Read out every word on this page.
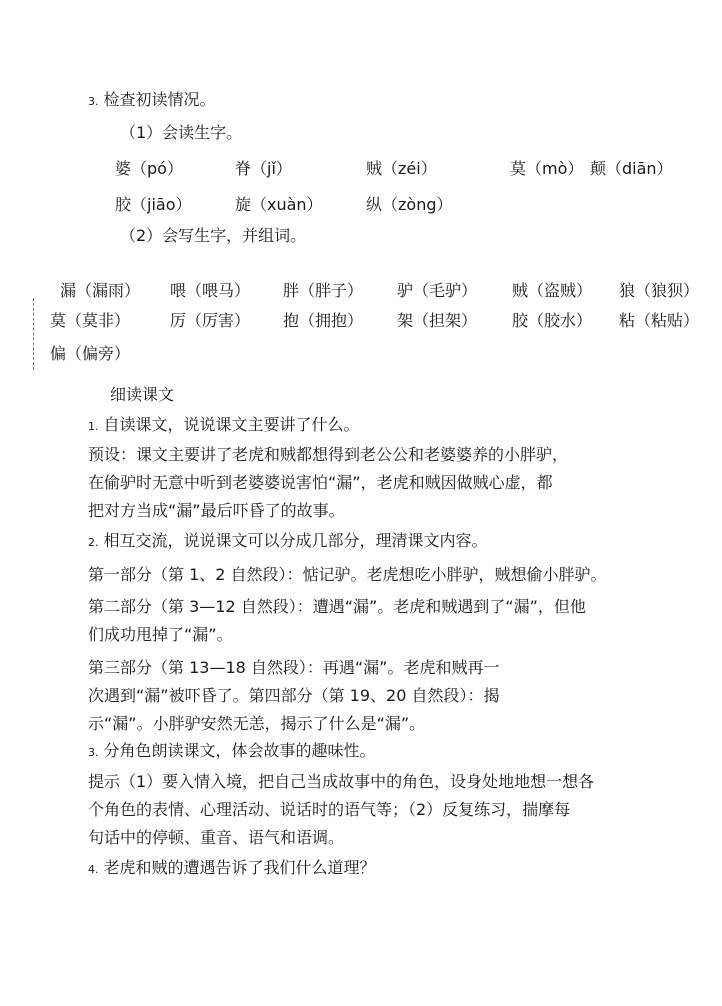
3. 检查初读情况。
（1）会读生字。
婆（pó）	脊（jǐ）	贼（zéi）	莫（mò） 颠（diān）
胶（jiāo）	旋（xuàn）	纵（zòng）
（2）会写生字，并组词。
漏（漏雨） 喂（喂马） 胖（胖子） 驴（毛驴） 贼（盗贼） 狼（狼狈）
莫（莫非） 厉（厉害） 抱（拥抱） 架（担架） 胶（胶水） 粘（粘贴）
偏（偏旁）
细读课文
1. 自读课文，说说课文主要讲了什么。
预设：课文主要讲了老虎和贼都想得到老公公和老婆婆养的小胖驴，
在偷驴时无意中听到老婆婆说害怕“漏”，老虎和贼因做贼心虚，都
把对方当成“漏”最后吓昏了的故事。
2. 相互交流，说说课文可以分成几部分，理清课文内容。
第一部分（第 1、2 自然段）：惦记驴。老虎想吃小胖驴，贼想偷小胖驴。
第二部分（第 3—12 自然段）：遭遇“漏”。老虎和贼遇到了“漏”，但他
们成功甩掉了“漏”。
第三部分（第 13—18 自然段）：再遇“漏”。老虎和贼再一
次遇到“漏”被吓昏了。第四部分（第 19、20 自然段）：揭
示“漏”。小胖驴安然无恙，揭示了什么是“漏”。
3. 分角色朗读课文，体会故事的趣味性。
提示（1）要入情入境，把自己当成故事中的角色，设身处地地想一想各
个角色的表情、心理活动、说话时的语气等；（2）反复练习，揣摩每
句话中的停顿、重音、语气和语调。
4. 老虎和贼的遭遇告诉了我们什么道理？
